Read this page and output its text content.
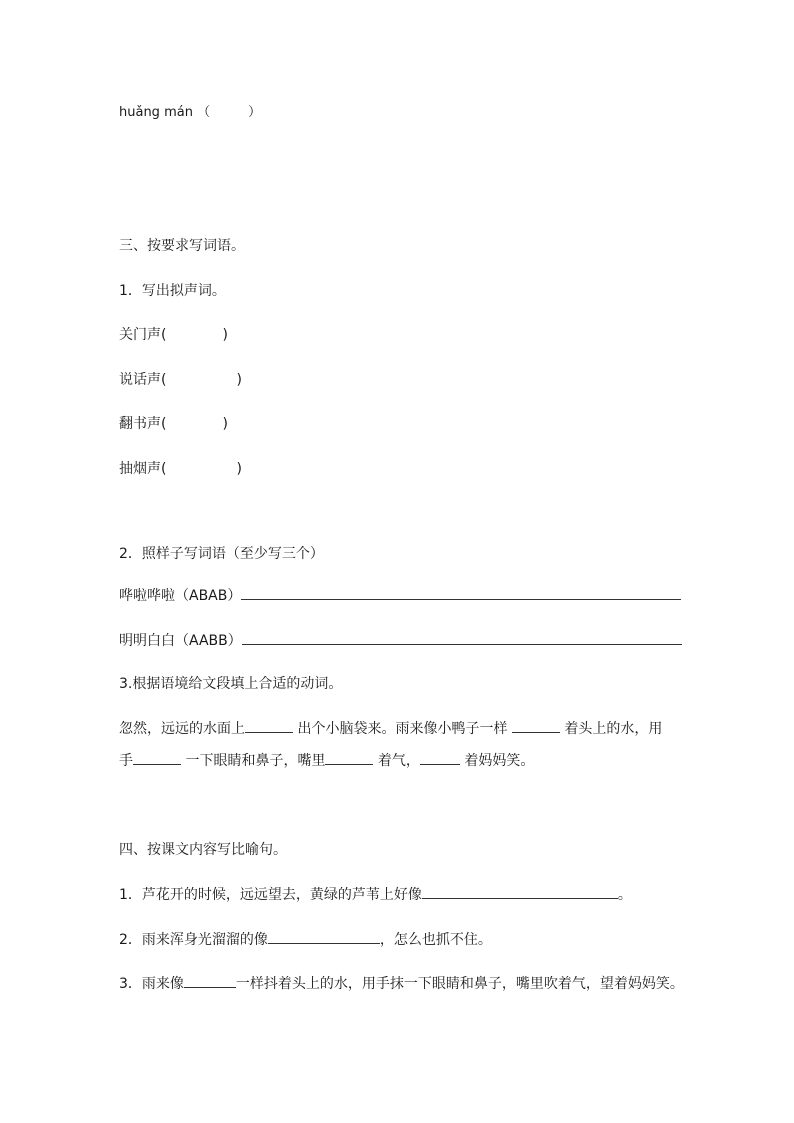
huǎng mán （	）
三、按要求写词语。
1．写出拟声词。
关门声(	)
说话声(	)
翻书声(	)
抽烟声(	)
2．照样子写词语（至少写三个）
哗啦哗啦（ABAB）
明明白白（AABB）
3.根据语境给文段填上合适的动词。
忽然，远远的水面上	出个小脑袋来。雨来像小鸭子一样	着头上的水，用
手	一下眼睛和鼻子，嘴里	着气，	着妈妈笑。
四、按课文内容写比喻句。
1．芦花开的时候，远远望去，黄绿的芦苇上好像	。
2．雨来浑身光溜溜的像	，怎么也抓不住。
3．雨来像	一样抖着头上的水，用手抹一下眼睛和鼻子，嘴里吹着气，望着妈妈笑。
